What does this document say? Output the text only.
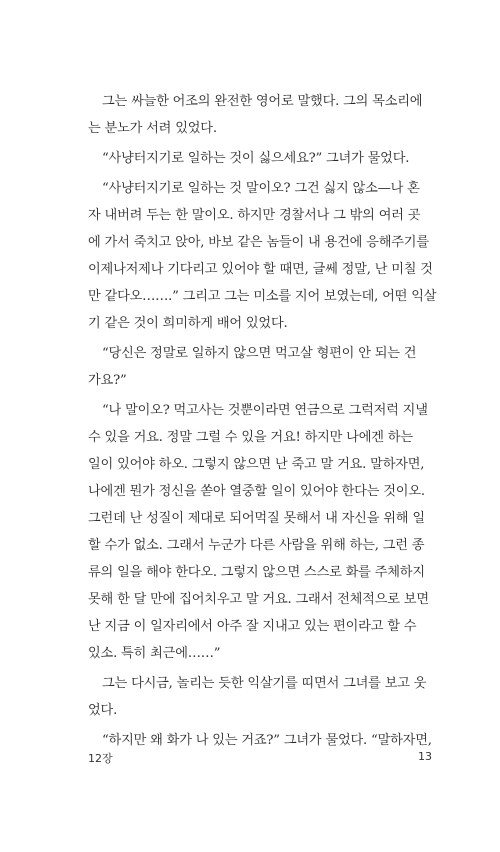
그는 싸늘한 어조의 완전한 영어로 말했다. 그의 목소리에
는 분노가 서려 있었다.

“사냥터지기로 일하는 것이 싫으세요?” 그녀가 물었다.

“사냥터지기로 일하는 것 말이오? 그건 싫지 않소—나 혼
자 내버려 두는 한 말이오. 하지만 경찰서나 그 밖의 여러 곳
에 가서 죽치고 앉아, 바보 같은 놈들이 내 용건에 응해주기를
이제나저제나 기다리고 있어야 할 때면, 글쎄 정말, 난 미칠 것
만 같다오…….” 그리고 그는 미소를 지어 보였는데, 어떤 익살
기 같은 것이 희미하게 배어 있었다.

“당신은 정말로 일하지 않으면 먹고살 형편이 안 되는 건
가요?”

“나 말이오? 먹고사는 것뿐이라면 연금으로 그럭저럭 지낼
수 있을 거요. 정말 그럴 수 있을 거요! 하지만 나에겐 하는
일이 있어야 하오. 그렇지 않으면 난 죽고 말 거요. 말하자면,
나에겐 뭔가 정신을 쏟아 열중할 일이 있어야 한다는 것이오.
그런데 난 성질이 제대로 되어먹질 못해서 내 자신을 위해 일
할 수가 없소. 그래서 누군가 다른 사람을 위해 하는, 그런 종
류의 일을 해야 한다오. 그렇지 않으면 스스로 화를 주체하지
못해 한 달 만에 집어치우고 말 거요. 그래서 전체적으로 보면
난 지금 이 일자리에서 아주 잘 지내고 있는 편이라고 할 수
있소. 특히 최근에……”

그는 다시금, 놀리는 듯한 익살기를 띠면서 그녀를 보고 웃
었다.

“하지만 왜 화가 나 있는 거죠?” 그녀가 물었다. “말하자면,

12장	13
